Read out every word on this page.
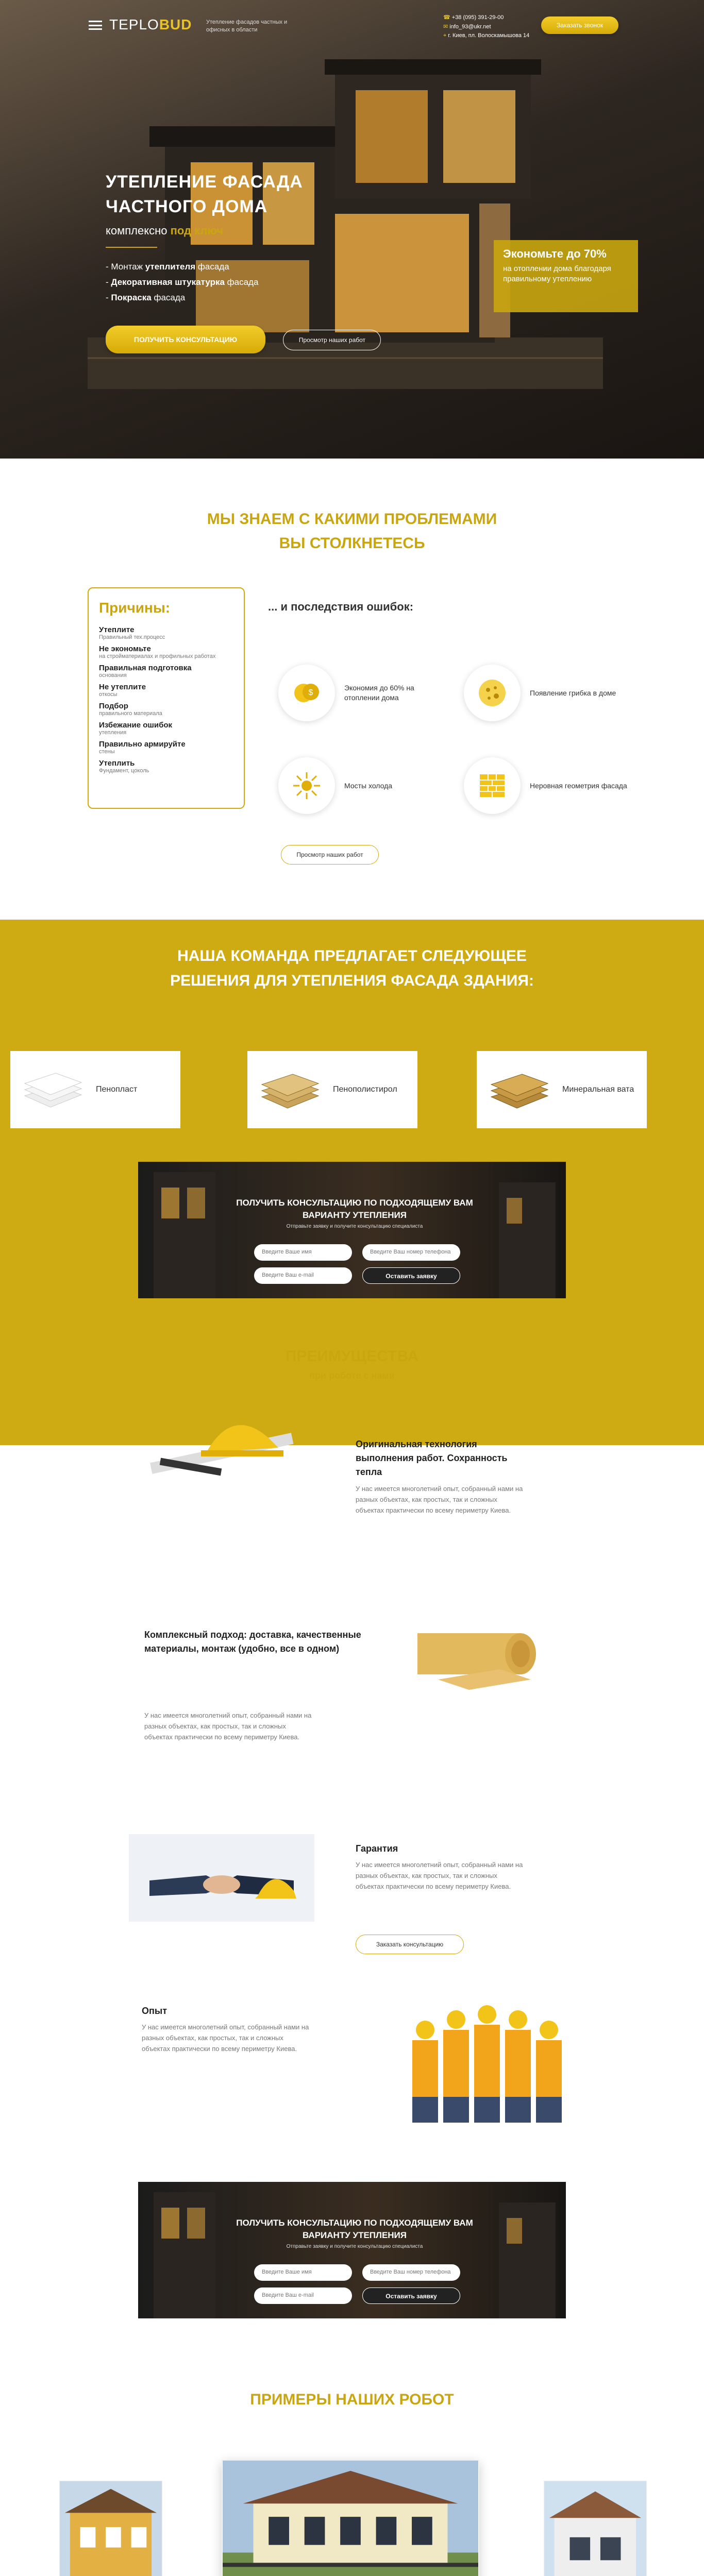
TEPLOBUD	Утепление фасадов частных и офисных в области
☎ +38 (095) 391-29-00
✉ info_93@ukr.net
⌖ г. Киев, пл. Волоскамышова 14
Заказать звонок
УТЕПЛЕНИЕ ФАСАДА
ЧАСТНОГО ДОМА
комплексно под ключ
- Монтаж утеплителя фасада
- Декоративная штукатурка фасада
- Покраска фасада
ПОЛУЧИТЬ КОНСУЛЬТАЦИЮ	Просмотр наших работ
Экономьте до 70%
на отоплении дома благодаря правильному утеплению
МЫ ЗНАЕМ С КАКИМИ ПРОБЛЕМАМИ
ВЫ СТОЛКНЕТЕСЬ
Причины:
Утеплите
Правильный тех.процесс
Не экономьте
на стройматериалах и профильных работах
Правильная подготовка
основания
Не утеплите
откосы
Подбор
правильного материала
Избежание ошибок
утепления
Правильно армируйте
стены
Утеплить
Фундамент, цоколь
... и последствия ошибок:
$
Экономия до 60% на отоплении дома
Появление грибка в доме
Мосты холода	Неровная геометрия фасада
Просмотр наших работ
НАША КОМАНДА ПРЕДЛАГАЕТ СЛЕДУЮЩЕЕ
РЕШЕНИЯ ДЛЯ УТЕПЛЕНИЯ ФАСАДА ЗДАНИЯ:
Пенопласт	Пенополистирол	Минеральная вата
ПОЛУЧИТЬ КОНСУЛЬТАЦИЮ ПО ПОДХОДЯЩЕМУ ВАМ
ВАРИАНТУ УТЕПЛЕНИЯ
Отправьте заявку и получите консультацию специалиста
Введите Ваше имя	Введите Ваш номер телефона
Введите Ваш e-mail	Оставить заявку
ПРЕИМУЩЕСТВА
при роботе с нами
Оригинальная технология выполнения работ. Сохранность тепла
У нас имеется многолетний опыт, собранный нами на разных объектах, как простых, так и сложных объектах практически по всему периметру Киева.
Комплексный подход: доставка, качественные материалы, монтаж (удобно, все в одном)
У нас имеется многолетний опыт, собранный нами на разных объектах, как простых, так и сложных объектах практически по всему периметру Киева.
Гарантия
У нас имеется многолетний опыт, собранный нами на разных объектах, как простых, так и сложных объектах практически по всему периметру Киева.
Заказать консультацию
Опыт
У нас имеется многолетний опыт, собранный нами на разных объектах, как простых, так и сложных объектах практически по всему периметру Киева.
ПОЛУЧИТЬ КОНСУЛЬТАЦИЮ ПО ПОДХОДЯЩЕМУ ВАМ
ВАРИАНТУ УТЕПЛЕНИЯ
Отправьте заявку и получите консультацию специалиста
Введите Ваше имя	Введите Ваш номер телефона
Введите Ваш e-mail	Оставить заявку
ПРИМЕРЫ НАШИХ РОБОТ
